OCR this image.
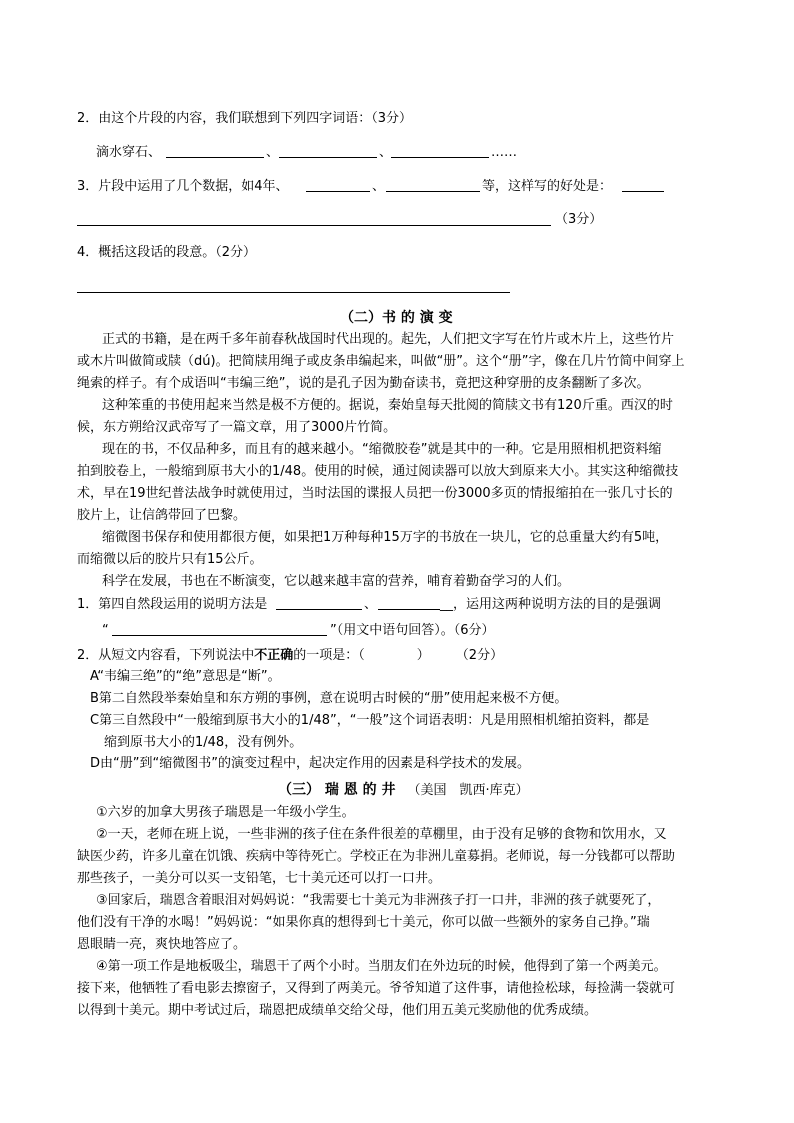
2．由这个片段的内容，我们联想到下列四字词语：（3分）
滴水穿石、	、	、	……
3．片段中运用了几个数据，如4年、	、	等，这样写的好处是：
（3分）
4．概括这段话的段意。（2分）
（二）书 的 演 变
正式的书籍，是在两千多年前春秋战国时代出现的。起先，人们把文字写在竹片或木片上，这些竹片
或木片叫做简或牍（dú)。把简牍用绳子或皮条串编起来，叫做“册”。这个“册”字，像在几片竹简中间穿上
绳索的样子。有个成语叫“韦编三绝”，说的是孔子因为勤奋读书，竟把这种穿册的皮条翻断了多次。
这种笨重的书使用起来当然是极不方便的。据说，秦始皇每天批阅的简牍文书有120斤重。西汉的时
候，东方朔给汉武帝写了一篇文章，用了3000片竹简。
现在的书，不仅品种多，而且有的越来越小。“缩微胶卷”就是其中的一种。它是用照相机把资料缩
拍到胶卷上，一般缩到原书大小的1/48。使用的时候，通过阅读器可以放大到原来大小。其实这种缩微技
术，早在19世纪普法战争时就使用过，当时法国的谍报人员把一份3000多页的情报缩拍在一张几寸长的
胶片上，让信鸽带回了巴黎。
缩微图书保存和使用都很方便，如果把1万种每种15万字的书放在一块儿，它的总重量大约有5吨，
而缩微以后的胶片只有15公斤。
科学在发展，书也在不断演变，它以越来越丰富的营养，哺育着勤奋学习的人们。
1．第四自然段运用的说明方法是	、	__，运用这两种说明方法的目的是强调
“	”（用文中语句回答）。（6分）
2．从短文内容看，下列说法中不正确的一项是：（　　　　）　　　（2分）
A“韦编三绝”的“绝”意思是“断”。
B第二自然段举秦始皇和东方朔的事例，意在说明古时候的“册”使用起来极不方便。
C第三自然段中“一般缩到原书大小的1/48”，“一般”这个词语表明：凡是用照相机缩拍资料，都是
缩到原书大小的1/48，没有例外。
D由“册”到“缩微图书”的演变过程中，起决定作用的因素是科学技术的发展。
（三） 瑞 恩 的 井 （美国　凯西·库克）
①六岁的加拿大男孩子瑞恩是一年级小学生。
②一天，老师在班上说，一些非洲的孩子住在条件很差的草棚里，由于没有足够的食物和饮用水，又
缺医少药，许多儿童在饥饿、疾病中等待死亡。学校正在为非洲儿童募捐。老师说，每一分钱都可以帮助
那些孩子，一美分可以买一支铅笔，七十美元还可以打一口井。
③回家后，瑞恩含着眼泪对妈妈说：“我需要七十美元为非洲孩子打一口井，非洲的孩子就要死了，
他们没有干净的水喝！”妈妈说：“如果你真的想得到七十美元，你可以做一些额外的家务自己挣。”瑞
恩眼睛一亮，爽快地答应了。
④第一项工作是地板吸尘，瑞恩干了两个小时。当朋友们在外边玩的时候，他得到了第一个两美元。
接下来，他牺牲了看电影去擦窗子，又得到了两美元。爷爷知道了这件事，请他捡松球，每捡满一袋就可
以得到十美元。期中考试过后，瑞恩把成绩单交给父母，他们用五美元奖励他的优秀成绩。
